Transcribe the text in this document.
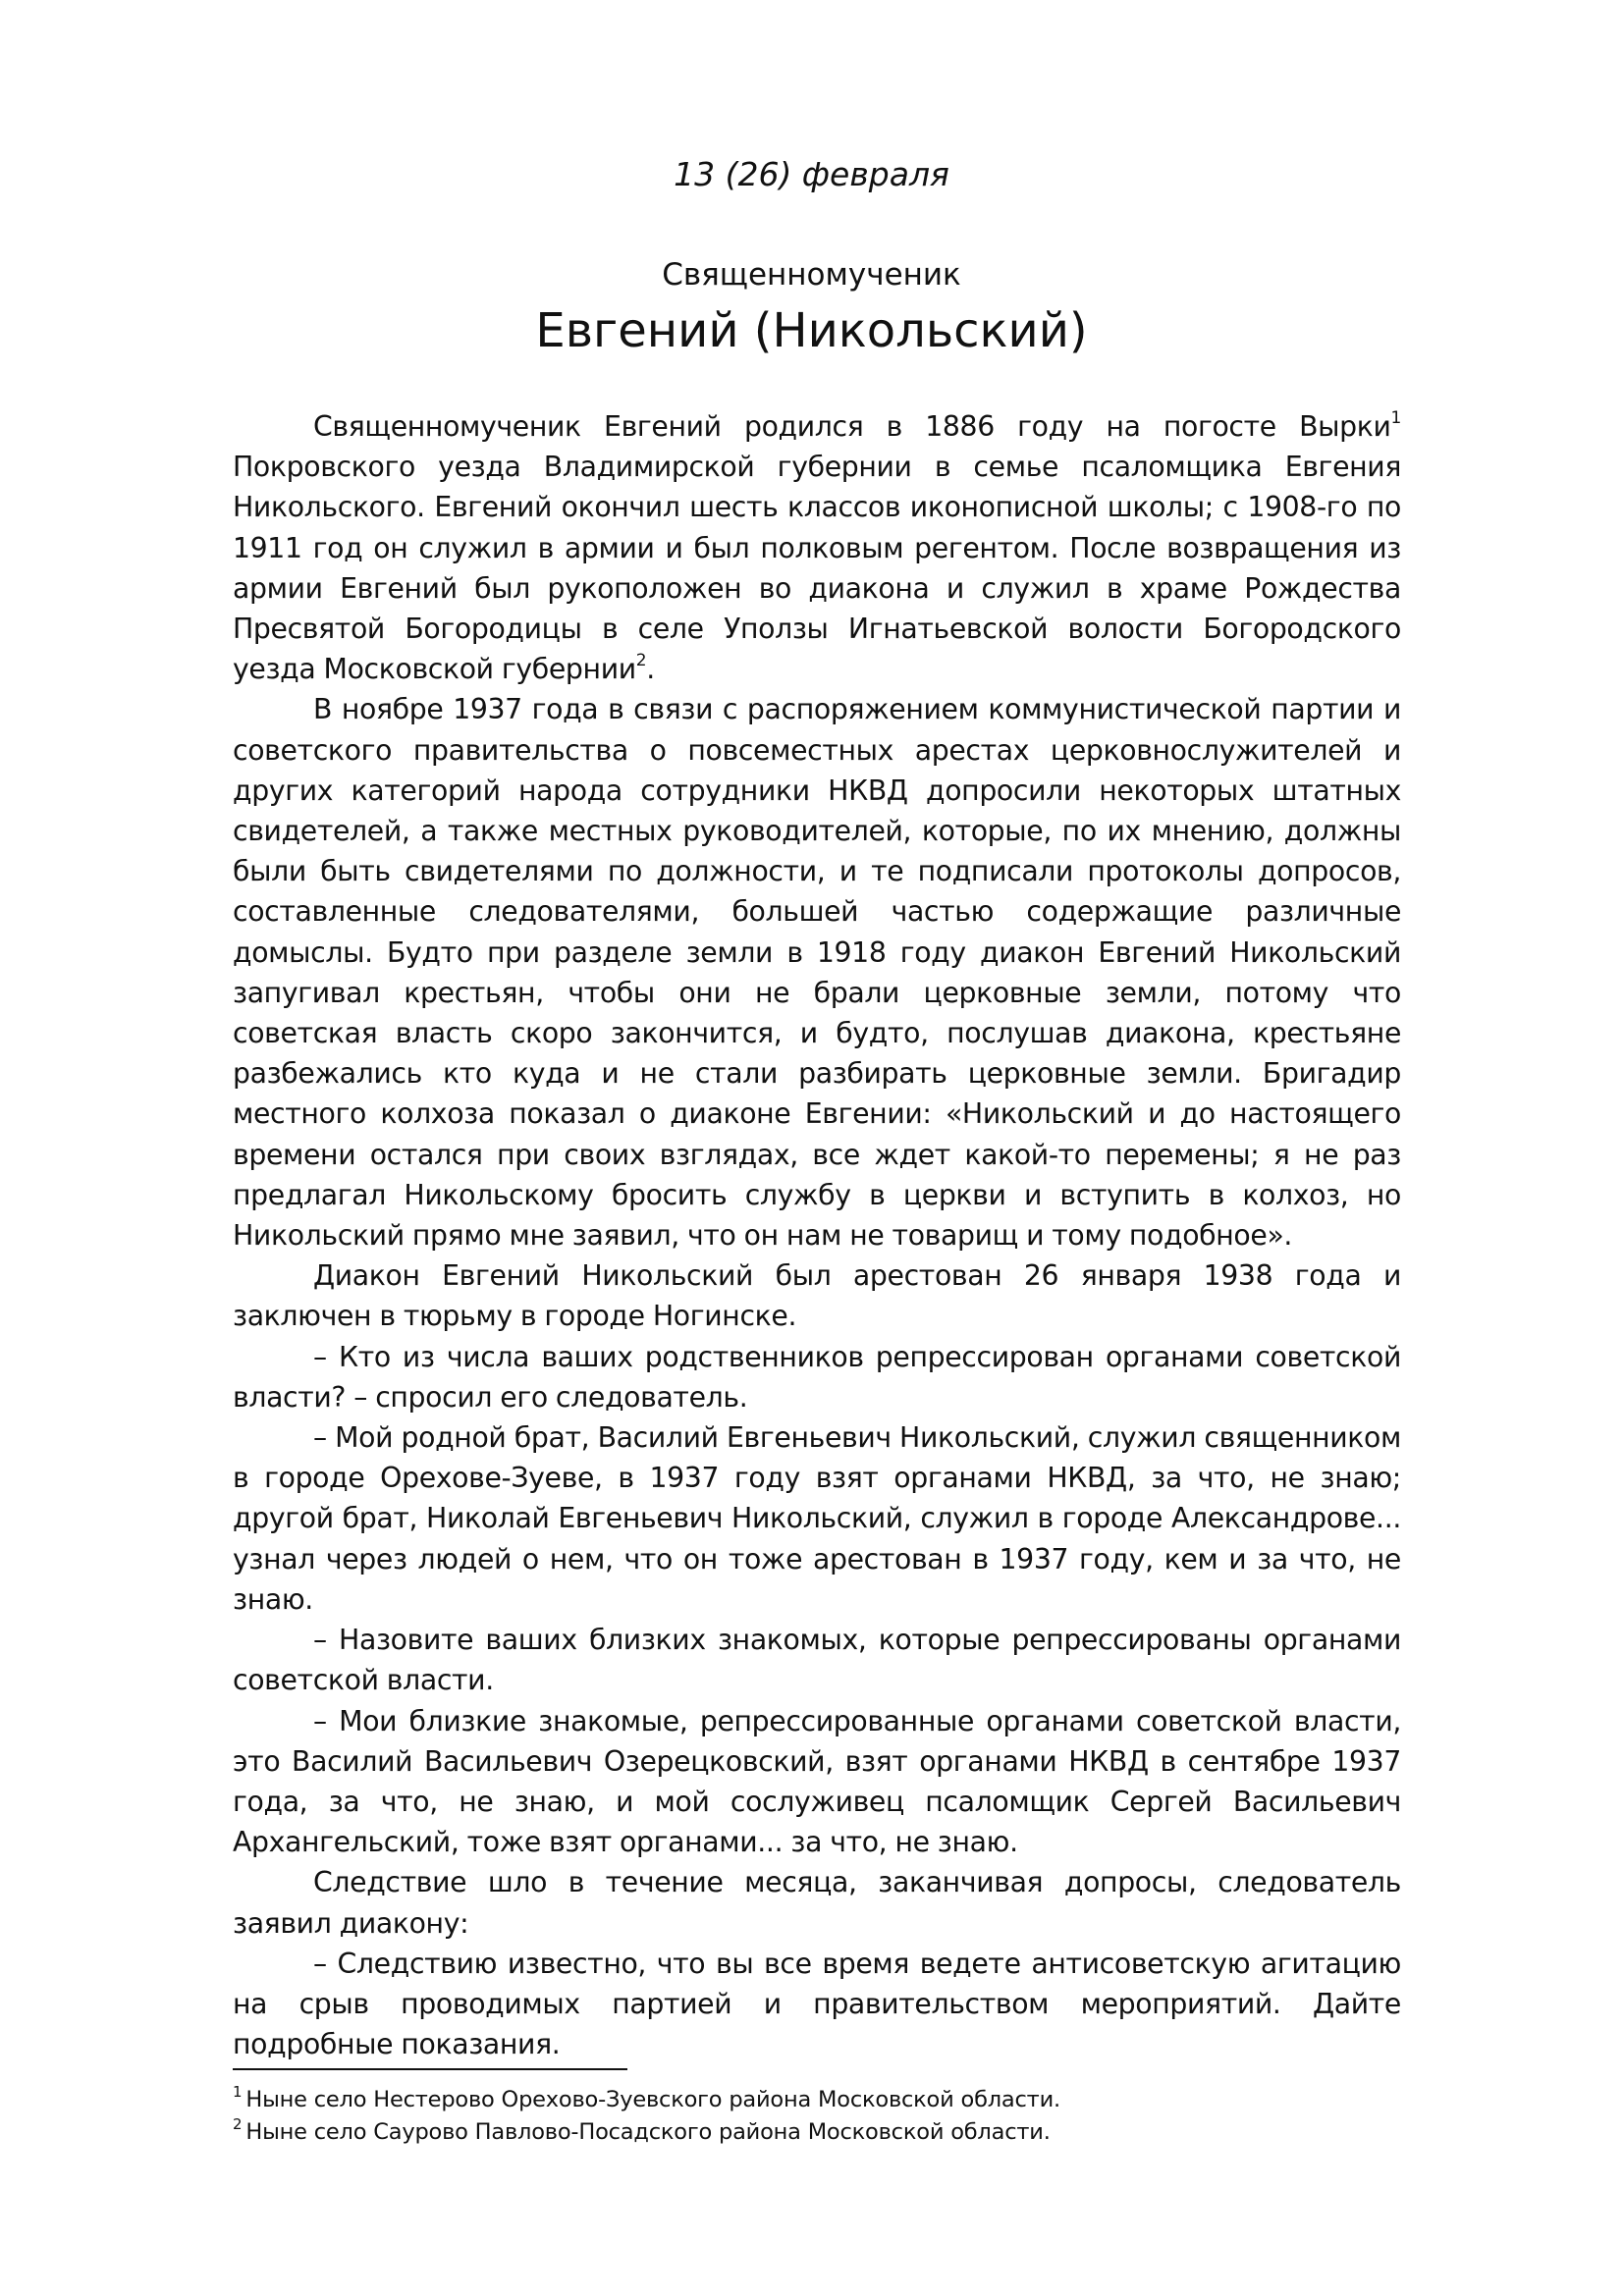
13 (26) февраля
Священномученик
Евгений (Никольский)

Священномученик Евгений родился в 1886 году на погосте Вырки$^1$ Покровского уезда Владимирской губернии в семье псаломщика Евгения Никольского. Евгений окончил шесть классов иконописной школы; с 1908-го по 1911 год он служил в армии и был полковым регентом. После возвращения из армии Евгений был рукоположен во диакона и служил в храме Рождества Пресвятой Богородицы в селе Уползы Игнатьевской волости Богородского уезда Московской губернии$^2$.

В ноябре 1937 года в связи с распоряжением коммунистической партии и советского правительства о повсеместных арестах церковнослужителей и других категорий народа сотрудники НКВД допросили некоторых штатных свидетелей, а также местных руководителей, которые, по их мнению, должны были быть свидетелями по должности, и те подписали протоколы допросов, составленные следователями, большей частью содержащие различные домыслы. Будто при разделе земли в 1918 году диакон Евгений Никольский запугивал крестьян, чтобы они не брали церковные земли, потому что советская власть скоро закончится, и будто, послушав диакона, крестьяне разбежались кто куда и не стали разбирать церковные земли. Бригадир местного колхоза показал о диаконе Евгении: «Никольский и до настоящего времени остался при своих взглядах, все ждет какой-то перемены; я не раз предлагал Никольскому бросить службу в церкви и вступить в колхоз, но Никольский прямо мне заявил, что он нам не товарищ и тому подобное».

Диакон Евгений Никольский был арестован 26 января 1938 года и заключен в тюрьму в городе Ногинске.

– Кто из числа ваших родственников репрессирован органами советской власти? – спросил его следователь.

– Мой родной брат, Василий Евгеньевич Никольский, служил священником в городе Орехове-Зуеве, в 1937 году взят органами НКВД, за что, не знаю; другой брат, Николай Евгеньевич Никольский, служил в городе Александрове... узнал через людей о нем, что он тоже арестован в 1937 году, кем и за что, не знаю.

– Назовите ваших близких знакомых, которые репрессированы органами советской власти.

– Мои близкие знакомые, репрессированные органами советской власти, это Василий Васильевич Озерецковский, взят органами НКВД в сентябре 1937 года, за что, не знаю, и мой сослуживец псаломщик Сергей Васильевич Архангельский, тоже взят органами... за что, не знаю.

Следствие шло в течение месяца, заканчивая допросы, следователь заявил диакону:

– Следствию известно, что вы все время ведете антисоветскую агитацию на срыв проводимых партией и правительством мероприятий. Дайте подробные показания.

$^1$ Ныне село Нестерово Орехово-Зуевского района Московской области.
$^2$ Ныне село Саурово Павлово-Посадского района Московской области.
